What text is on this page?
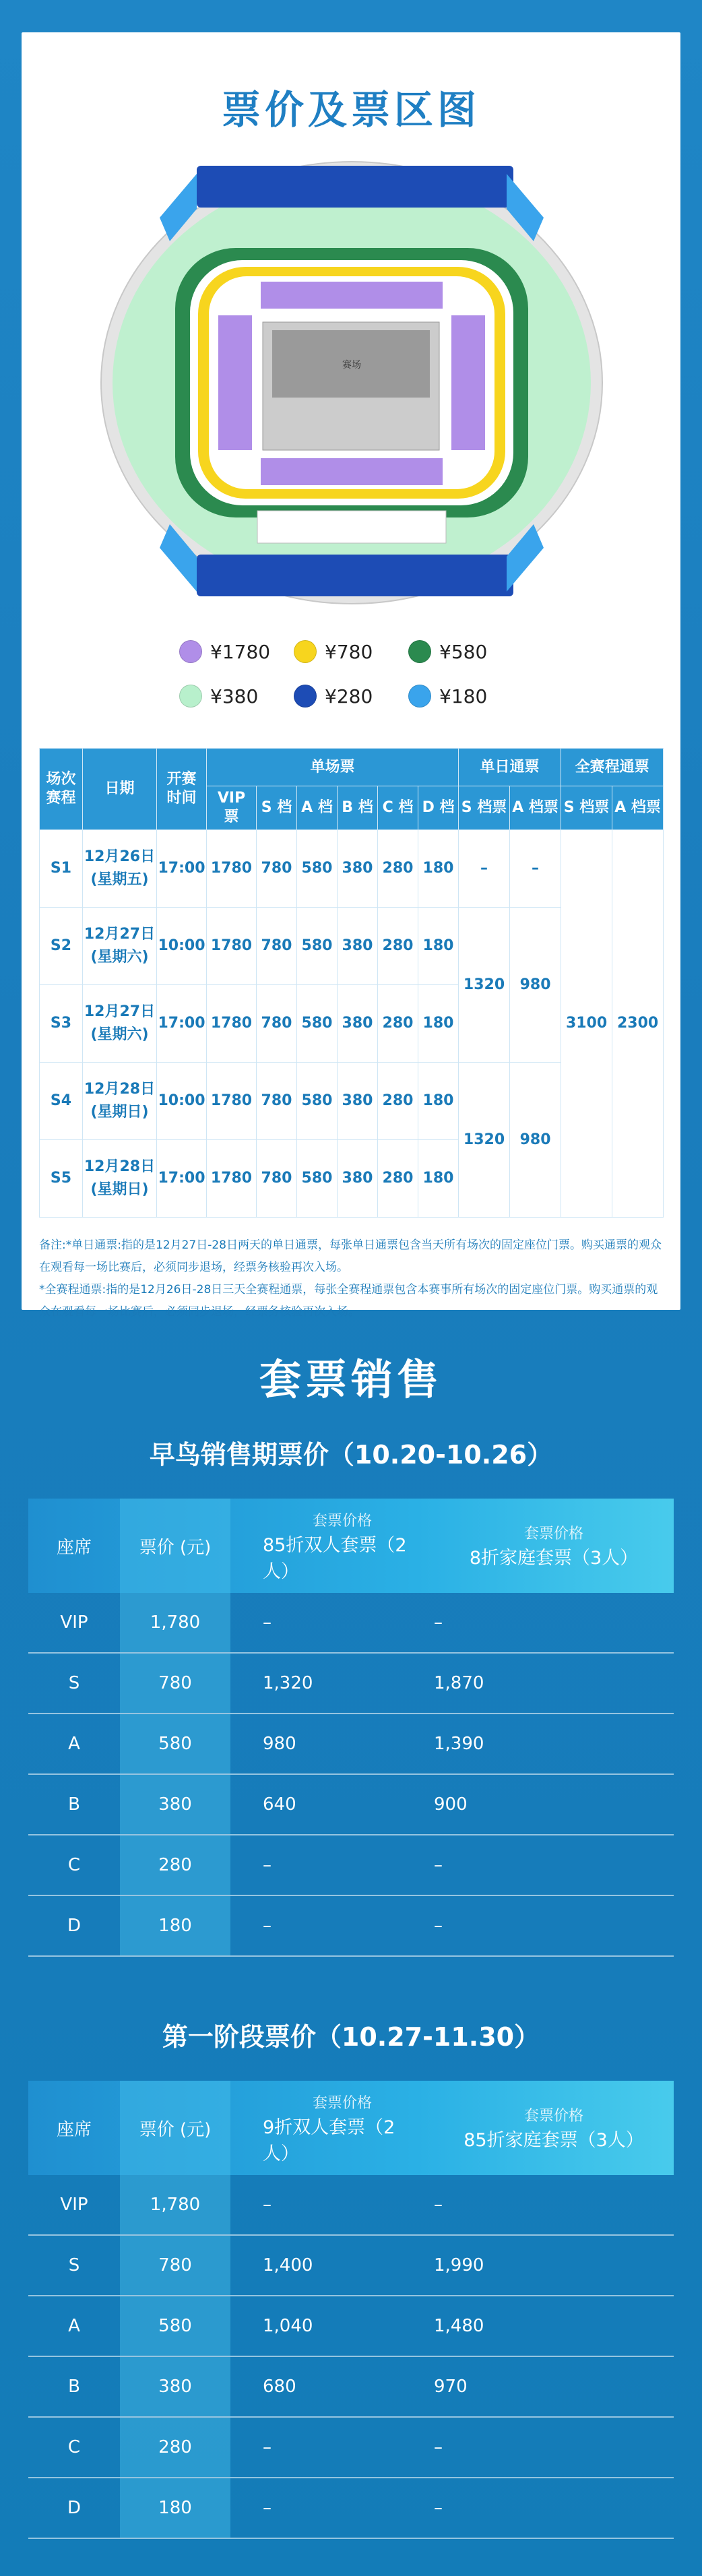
票价及票区图
赛场
¥1780	¥780	¥580
¥380	¥280	¥180
场次
赛程	日期	开赛
时间	单场票						单日通票		全赛程通票	
			VIP 票	S 档	A 档	B 档	C 档	D 档	S 档票	A 档票	S 档票	A 档票
S1	12月26日
(星期五)	17:00	1780	780	580	380	280	180	–	–	3100	2300
S2	12月27日
(星期六)	10:00	1780	780	580	380	280	180	1320	980		
S3	12月27日
(星期六)	17:00	1780	780	580	380	280	180				
S4	12月28日
(星期日)	10:00	1780	780	580	380	280	180	1320	980		
S5	12月28日
(星期日)	17:00	1780	780	580	380	280	180				

备注:*单日通票:指的是12月27日-28日两天的单日通票，每张单日通票包含当天所有场次的固定座位门票。购买通票的观众在观看每一场比赛后，必须同步退场，经票务核验再次入场。

*全赛程通票:指的是12月26日-28日三天全赛程通票，每张全赛程通票包含本赛事所有场次的固定座位门票。购买通票的观众在观看每一场比赛后，必须同步退场，经票务核验再次入场。

套票销售
早鸟销售期票价（10.20-10.26）
座席	票价 (元)
套票价格
85折双人套票（2人）
套票价格
8折家庭套票（3人）
VIP	1,780	–	–
S	780	1,320	1,870
A	580	980	1,390
B	380	640	900
C	280	–	–
D	180	–	–
第一阶段票价（10.27-11.30）
座席	票价 (元)
套票价格
9折双人套票（2人）
套票价格
85折家庭套票（3人）
VIP	1,780	–	–
S	780	1,400	1,990
A	580	1,040	1,480
B	380	680	970
C	280	–	–
D	180	–	–
